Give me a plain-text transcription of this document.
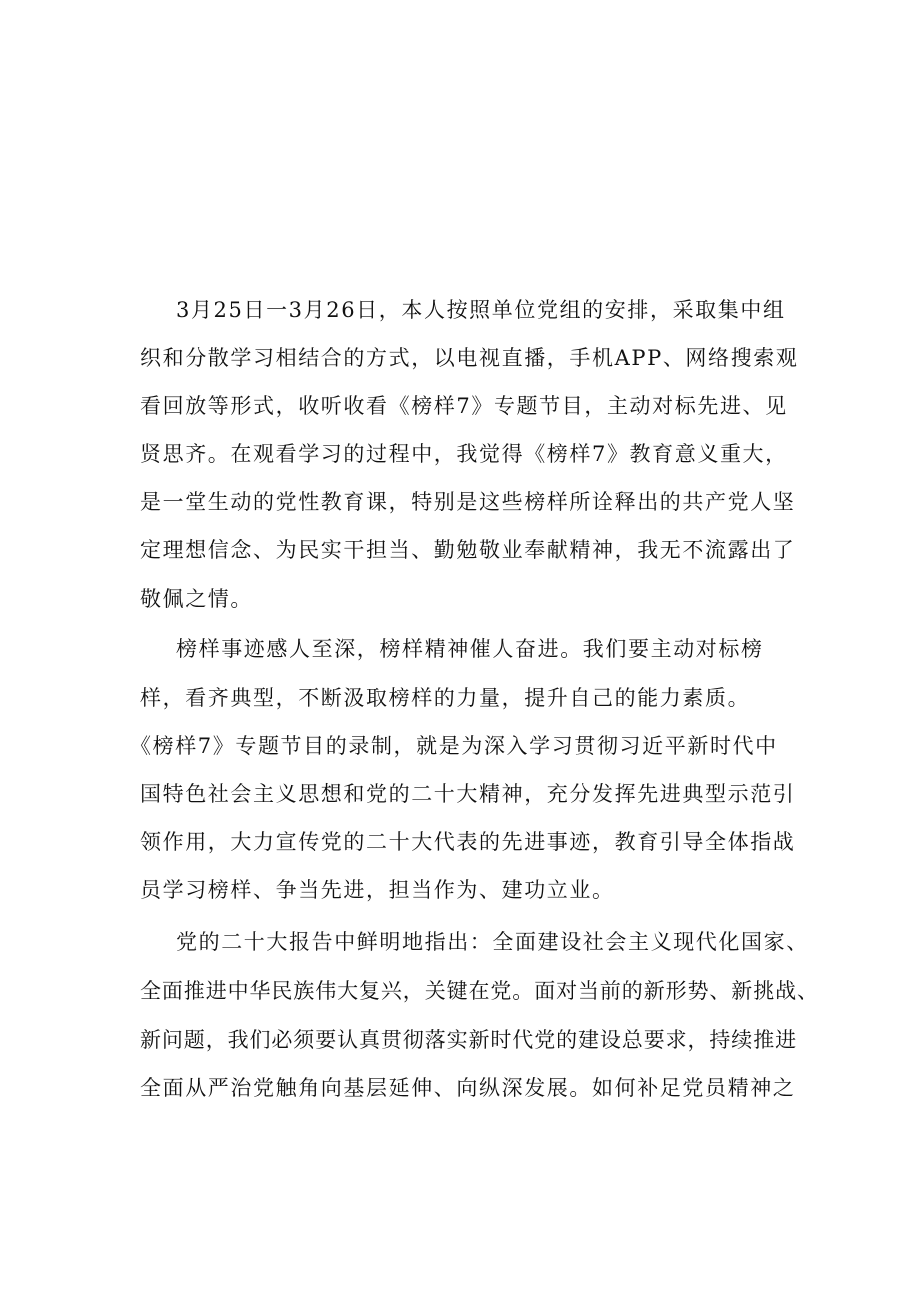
3月25日一3月26日，本人按照单位党组的安排，采取集中组
织和分散学习相结合的方式，以电视直播，手机APP、网络搜索观
看回放等形式，收听收看《榜样7》专题节目，主动对标先进、见
贤思齐。在观看学习的过程中，我觉得《榜样7》教育意义重大，
是一堂生动的党性教育课，特别是这些榜样所诠释出的共产党人坚
定理想信念、为民实干担当、勤勉敬业奉献精神，我无不流露出了
敬佩之情。
榜样事迹感人至深，榜样精神催人奋进。我们要主动对标榜
样，看齐典型，不断汲取榜样的力量，提升自己的能力素质。
《榜样7》专题节目的录制，就是为深入学习贯彻习近平新时代中
国特色社会主义思想和党的二十大精神，充分发挥先进典型示范引
领作用，大力宣传党的二十大代表的先进事迹，教育引导全体指战
员学习榜样、争当先进，担当作为、建功立业。
党的二十大报告中鲜明地指出：全面建设社会主义现代化国家、
全面推进中华民族伟大复兴，关键在党。面对当前的新形势、新挑战、
新问题，我们必须要认真贯彻落实新时代党的建设总要求，持续推进
全面从严治党触角向基层延伸、向纵深发展。如何补足党员精神之
